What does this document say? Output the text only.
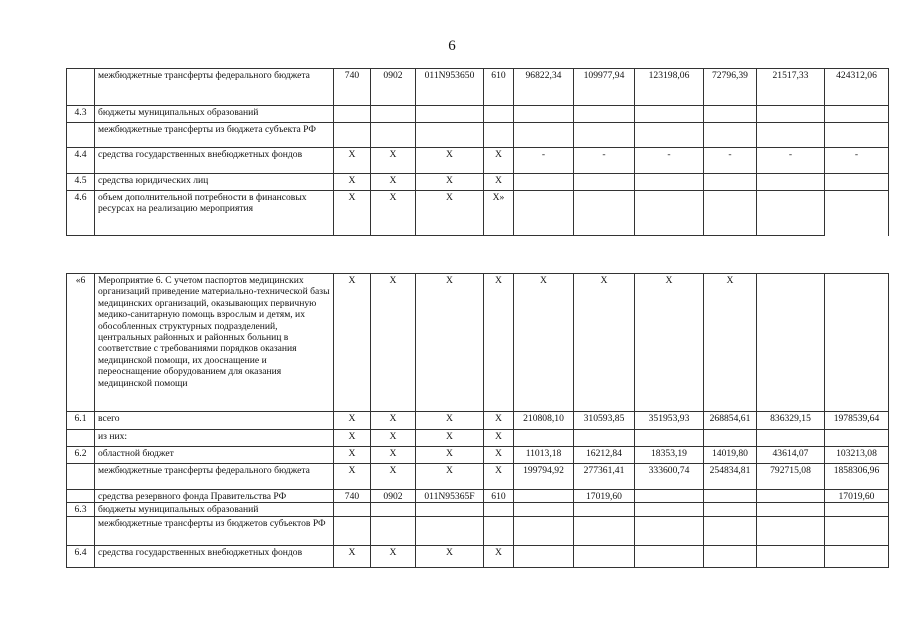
6
	межбюджетные трансферты федерального бюджета	740	0902	011N953650	610	96822,34	109977,94	123198,06	72796,39	21517,33	424312,06
4.3	бюджеты муниципальных образований										
	межбюджетные трансферты из бюджета субъекта РФ										
4.4	средства государственных внебюджетных фондов	X	X	X	X	-	-	-	-	-	-
4.5	средства юридических лиц	X	X	X	X						
4.6	объем дополнительной потребности в финансовых ресурсах на реализацию мероприятия	X	X	X	X»						
«6	Мероприятие 6. С учетом паспортов медицинских организаций приведение материально-технической базы медицинских организаций, оказывающих первичную медико-санитарную помощь взрослым и детям, их обособленных структурных подразделений, центральных районных и районных больниц в соответствие с требованиями порядков оказания медицинской помощи, их дооснащение и переоснащение оборудованием для оказания медицинской помощи	X	X	X	X	X	X	X	X		
6.1	всего	X	X	X	X	210808,10	310593,85	351953,93	268854,61	836329,15	1978539,64
	из них:	X	X	X	X						
6.2	областной бюджет	X	X	X	X	11013,18	16212,84	18353,19	14019,80	43614,07	103213,08
	межбюджетные трансферты федерального бюджета	X	X	X	X	199794,92	277361,41	333600,74	254834,81	792715,08	1858306,96
	средства резервного фонда Правительства РФ	740	0902	011N95365F	610		17019,60				17019,60
6.3	бюджеты муниципальных образований										
	межбюджетные трансферты из бюджетов субъектов РФ										
6.4	средства государственных внебюджетных фондов	X	X	X	X						
